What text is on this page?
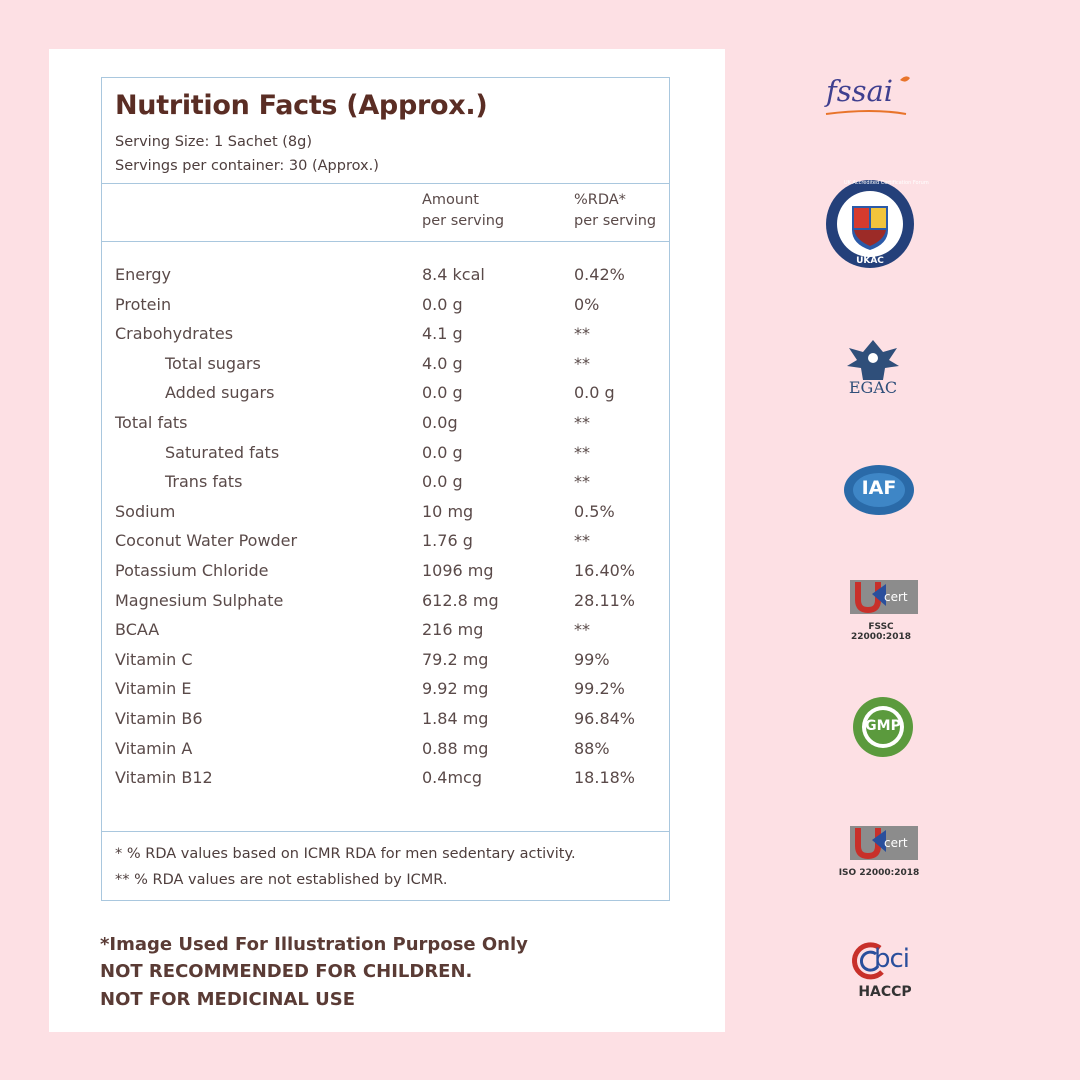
Nutrition Facts (Approx.)
Serving Size: 1 Sachet (8g)
Servings per container: 30 (Approx.)
Amount
per serving
%RDA*
per serving
Energy	8.4 kcal	0.42%
Protein	0.0 g	0%
Crabohydrates	4.1 g	**
Total sugars	4.0 g	**
Added sugars	0.0 g	0.0 g
Total fats	0.0g	**
Saturated fats	0.0 g	**
Trans fats	0.0 g	**
Sodium	10 mg	0.5%
Coconut Water Powder	1.76 g	**
Potassium Chloride	1096 mg	16.40%
Magnesium Sulphate	612.8 mg	28.11%
BCAA	216 mg	**
Vitamin C	79.2 mg	99%
Vitamin E	9.92 mg	99.2%
Vitamin B6	1.84 mg	96.84%
Vitamin A	0.88 mg	88%
Vitamin B12	0.4mcg	18.18%
* % RDA values based on ICMR RDA for men sedentary activity.
** % RDA values are not established by ICMR.
*Image Used For Illustration Purpose Only
NOT RECOMMENDED FOR CHILDREN.
NOT FOR MEDICINAL USE
fssai
UKAC
UK Accredited Certification Forum
EGAC
IAF
cert
FSSC 22000:2018
GMP
cert
ISO 22000:2018
bci
HACCP
